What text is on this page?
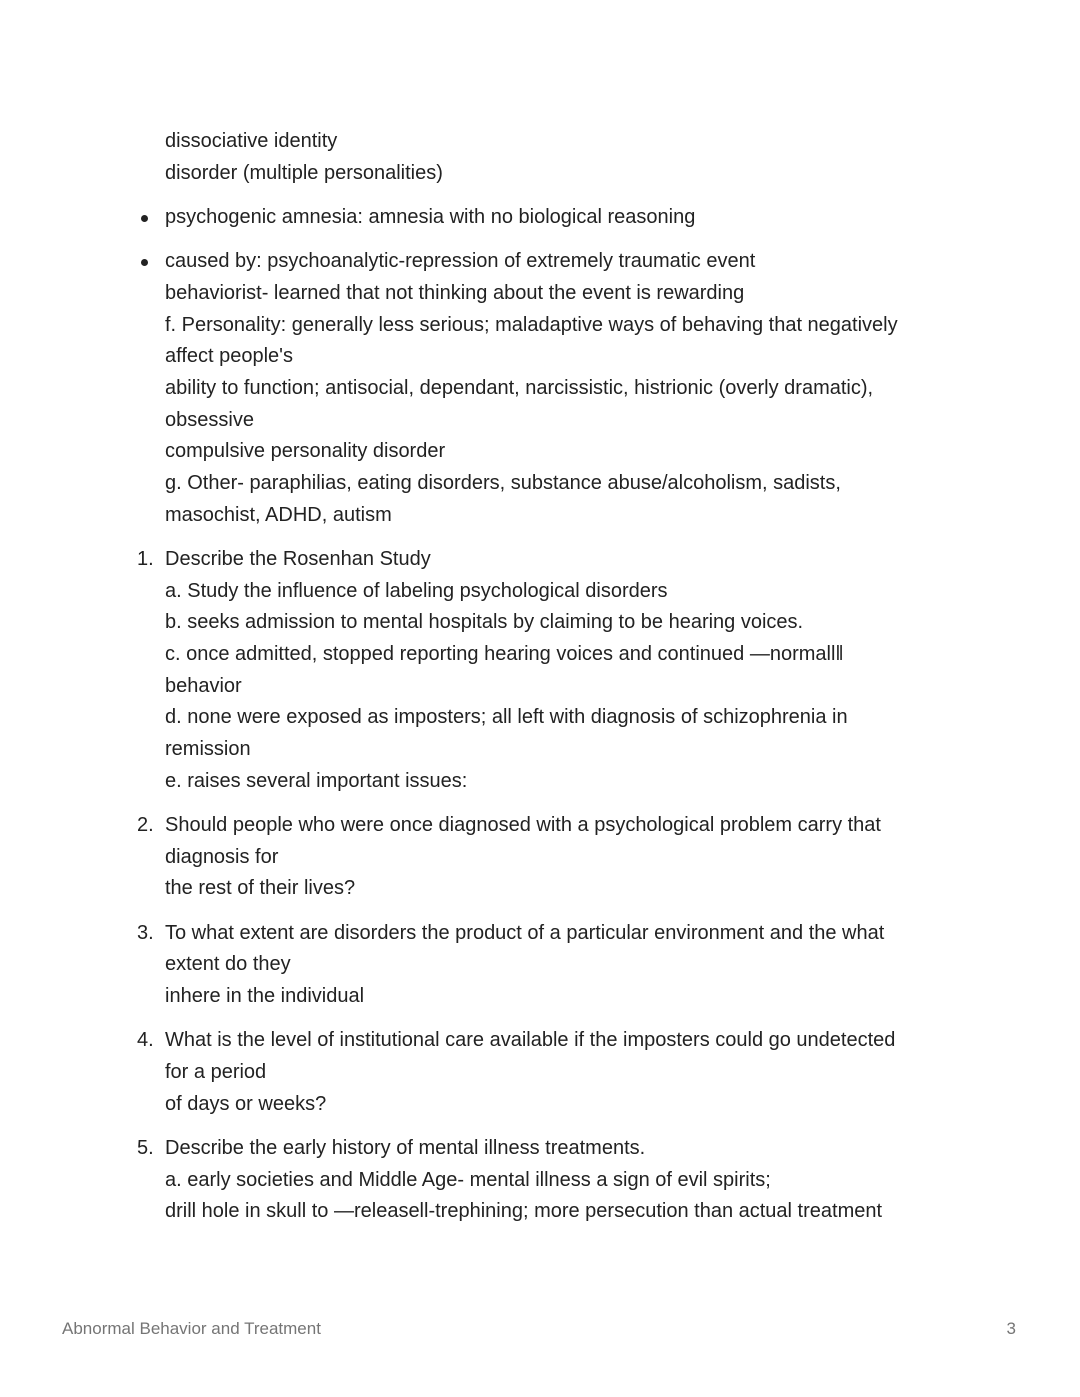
dissociative identity
disorder (multiple personalities)
psychogenic amnesia: amnesia with no biological reasoning
caused by: psychoanalytic-repression of extremely traumatic event
behaviorist- learned that not thinking about the event is rewarding
f. Personality: generally less serious; maladaptive ways of behaving that negatively
affect people's
ability to function; antisocial, dependant, narcissistic, histrionic (overly dramatic),
obsessive
compulsive personality disorder
g. Other- paraphilias, eating disorders, substance abuse/alcoholism, sadists,
masochist, ADHD, autism
1. Describe the Rosenhan Study
a. Study the influence of labeling psychological disorders
b. seeks admission to mental hospitals by claiming to be hearing voices.
c. once admitted, stopped reporting hearing voices and continued —normall‖
behavior
d. none were exposed as imposters; all left with diagnosis of schizophrenia in
remission
e. raises several important issues:
2. Should people who were once diagnosed with a psychological problem carry that
diagnosis for
the rest of their lives?
3. To what extent are disorders the product of a particular environment and the what
extent do they
inhere in the individual
4. What is the level of institutional care available if the imposters could go undetected
for a period
of days or weeks?
5. Describe the early history of mental illness treatments.
a. early societies and Middle Age- mental illness a sign of evil spirits;
drill hole in skull to —releasell-trephining; more persecution than actual treatment
Abnormal Behavior and Treatment	3
